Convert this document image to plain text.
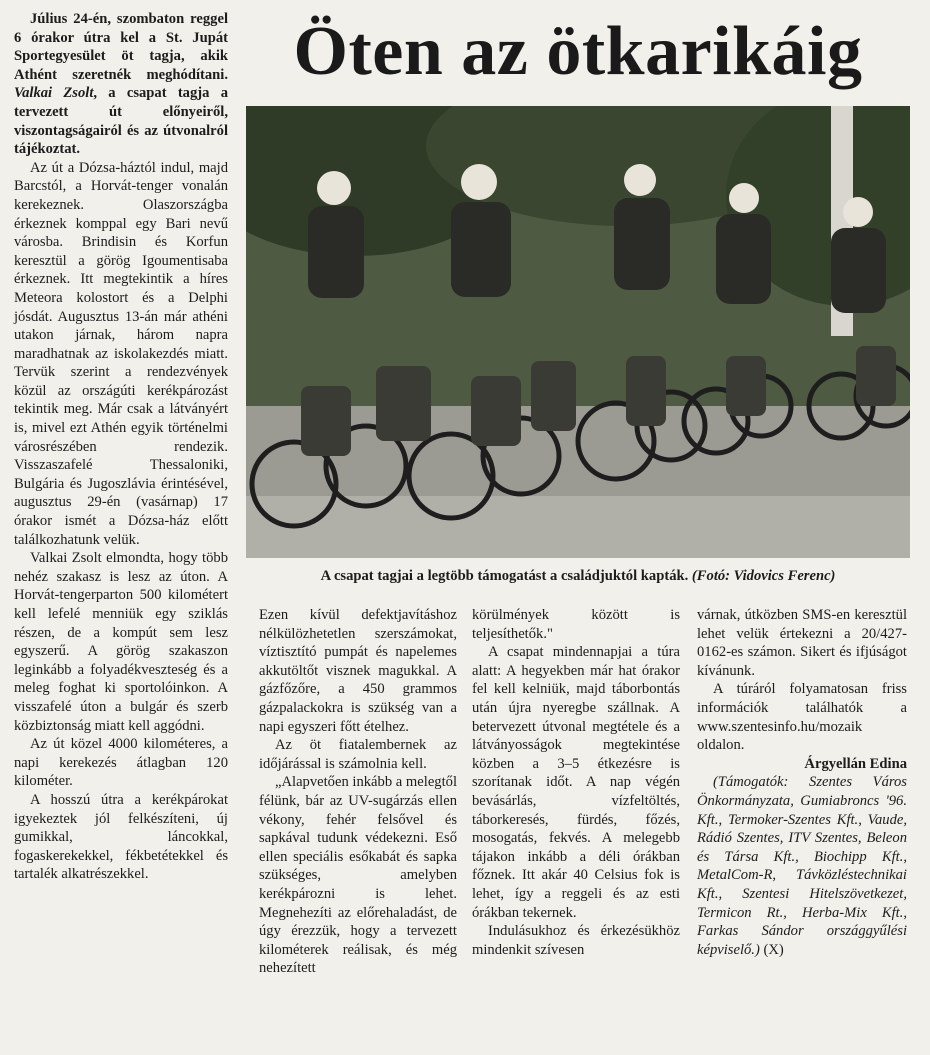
Július 24-én, szombaton reggel 6 órakor útra kel a St. Jupát Sportegyesület öt tagja, akik Athént szeretnék meghódítani. Valkai Zsolt, a csapat tagja a tervezett út előnyeiről, viszontagságairól és az útvonalról tájékoztat.

Az út a Dózsa-háztól indul, majd Barcstól, a Horvát-tenger vonalán kerekeznek. Olaszországba érkeznek komppal egy Bari nevű városba. Brindisin és Korfun keresztül a görög Igoumentisaba érkeznek. Itt megtekintik a híres Meteora kolostort és a Delphi jósdát. Augusztus 13-án már athéni utakon járnak, három napra maradhatnak az iskolakezdés miatt. Tervük szerint a rendezvények közül az országúti kerékpározást tekintik meg. Már csak a látványért is, mivel ezt Athén egyik történelmi városrészében rendezik. Visszaszafelé Thessaloniki, Bulgária és Jugoszlávia érintésével, augusztus 29-én (vasárnap) 17 órakor ismét a Dózsa-ház előtt találkozhatunk velük.

Valkai Zsolt elmondta, hogy több nehéz szakasz is lesz az úton. A Horvát-tengerparton 500 kilométert kell lefelé menniük egy sziklás részen, de a kompút sem lesz egyszerű. A görög szakaszon leginkább a folyadékveszteség és a meleg foghat ki sportolóinkon. A visszafelé úton a bulgár és szerb közbiztonság miatt kell aggódni.

Az út közel 4000 kilométeres, a napi kerekezés átlagban 120 kilométer.

A hosszú útra a kerékpárokat igyekeztek jól felkészíteni, új gumikkal, láncokkal, fogaskerekekkel, fékbetétekkel és tartalék alkatrészekkel.

Öten az ötkarikáig
A csapat tagjai a legtöbb támogatást a családjuktól kapták. (Fotó: Vidovics Ferenc)

Ezen kívül defektjavításhoz nélkülözhetetlen szerszámokat, víztisztító pumpát és napelemes akkutöltőt visznek magukkal. A gázfőzőre, a 450 grammos gázpalackokra is szükség van a napi egyszeri főtt ételhez.

Az öt fiatalembernek az időjárással is számolnia kell.

„Alapvetően inkább a melegtől félünk, bár az UV-sugárzás ellen vékony, fehér felsővel és sapkával tudunk védekezni. Eső ellen speciális esőkabát és sapka szükséges, amelyben kerékpározni is lehet. Megnehezíti az előrehaladást, de úgy érezzük, hogy a tervezett kilométerek reálisak, és még nehezített

körülmények között is teljesíthetők."

A csapat mindennapjai a túra alatt: A hegyekben már hat órakor fel kell kelniük, majd táborbontás után újra nyeregbe szállnak. A betervezett útvonal megtétele és a látványosságok megtekintése közben a 3–5 étkezésre is szorítanak időt. A nap végén bevásárlás, vízfeltöltés, táborkeresés, fürdés, főzés, mosogatás, fekvés. A melegebb tájakon inkább a déli órákban főznek. Itt akár 40 Celsius fok is lehet, így a reggeli és az esti órákban tekernek.

Indulásukhoz és érkezésükhöz mindenkit szívesen

várnak, útközben SMS-en keresztül lehet velük értekezni a 20/427-0162-es számon. Sikert és ifjúságot kívánunk.

A túráról folyamatosan friss információk találhatók a www.szentesinfo.hu/mozaik oldalon.

Árgyellán Edina

(Támogatók: Szentes Város Önkormányzata, Gumiabroncs '96. Kft., Termoker-Szentes Kft., Vaude, Rádió Szentes, ITV Szentes, Beleon és Társa Kft., Biochipp Kft., MetalCom-R, Távközléstechnikai Kft., Szentesi Hitelszövetkezet, Termicon Rt., Herba-Mix Kft., Farkas Sándor országgyűlési képviselő.) (X)
